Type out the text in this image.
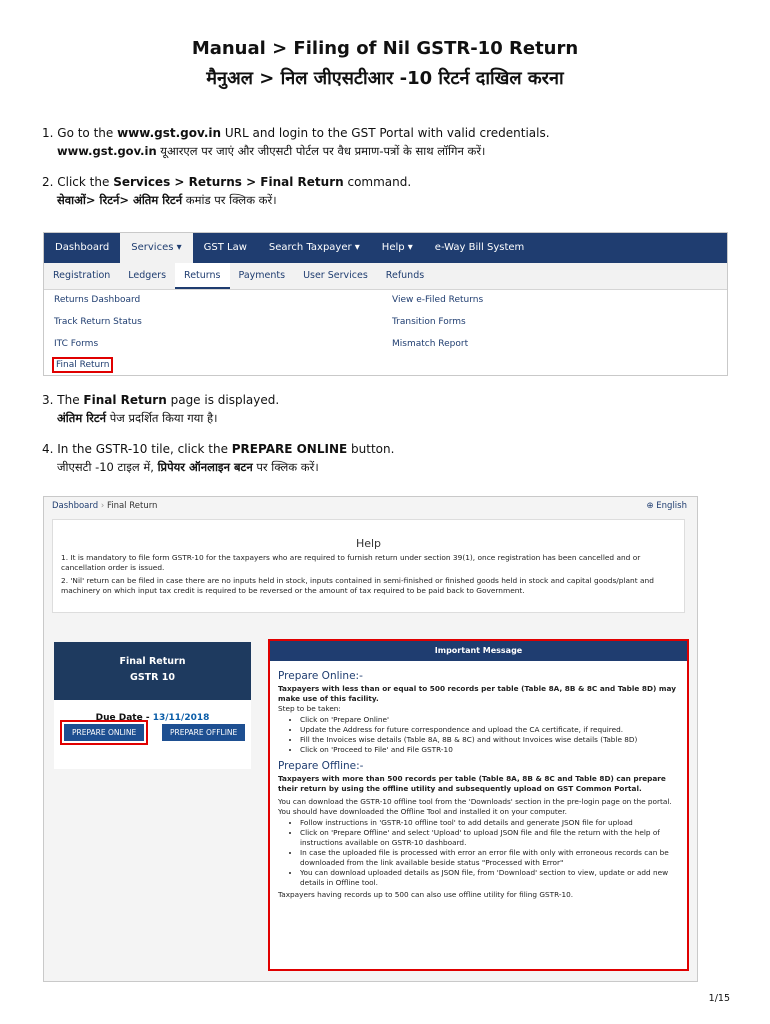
Manual > Filing of Nil GSTR-10 Return
मैनुअल > निल जीएसटीआर -10 रिटर्न दाखिल करना
1. Go to the www.gst.gov.in URL and login to the GST Portal with valid credentials.
www.gst.gov.in यूआरएल पर जाएं और जीएसटी पोर्टल पर वैध प्रमाण-पत्रों के साथ लॉगिन करें।
2. Click the Services > Returns > Final Return command.
सेवाओं> रिटर्न> अंतिम रिटर्न कमांड पर क्लिक करें।
Dashboard	Services ▾	GST Law	Search Taxpayer ▾	Help ▾	e-Way Bill System
Registration	Ledgers	Returns	Payments	User Services	Refunds
Returns Dashboard
Track Return Status
ITC Forms
Final Return
View e-Filed Returns
Transition Forms
Mismatch Report
3. The Final Return page is displayed.
अंतिम रिटर्न पेज प्रदर्शित किया गया है।
4. In the GSTR-10 tile, click the PREPARE ONLINE button.
जीएसटी -10 टाइल में, प्रिपेयर ऑनलाइन बटन पर क्लिक करें।
Dashboard › Final Return	⊕ English
Help

1. It is mandatory to file form GSTR-10 for the taxpayers who are required to furnish return under section 39(1), once registration has been cancelled and or cancellation order is issued.

2. 'Nil' return can be filed in case there are no inputs held in stock, inputs contained in semi-finished or finished goods held in stock and capital goods/plant and machinery on which input tax credit is required to be reversed or the amount of tax required to be paid back to Government.

Final Return
GSTR 10
Due Date - 13/11/2018
PREPARE ONLINE	PREPARE OFFLINE
Important Message
Prepare Online:-
Taxpayers with less than or equal to 500 records per table (Table 8A, 8B & 8C and Table 8D) may make use of this facility.
Step to be taken:
• Click on 'Prepare Online'
• Update the Address for future correspondence and upload the CA certificate, if required.
• Fill the Invoices wise details (Table 8A, 8B & 8C) and without Invoices wise details (Table 8D)
• Click on 'Proceed to File' and File GSTR-10
Prepare Offline:-
Taxpayers with more than 500 records per table (Table 8A, 8B & 8C and Table 8D) can prepare their return by using the offline utility and subsequently upload on GST Common Portal.
You can download the GSTR-10 offline tool from the 'Downloads' section in the pre-login page on the portal. You should have downloaded the Offline Tool and installed it on your computer.
• Follow instructions in 'GSTR-10 offline tool' to add details and generate JSON file for upload
• Click on 'Prepare Offline' and select 'Upload' to upload JSON file and file the return with the help of instructions available on GSTR-10 dashboard.
• In case the uploaded file is processed with error an error file with only with erroneous records can be downloaded from the link available beside status "Processed with Error"
• You can download uploaded details as JSON file, from 'Download' section to view, update or add new details in Offline tool.
Taxpayers having records up to 500 can also use offline utility for filing GSTR-10.
1/15
